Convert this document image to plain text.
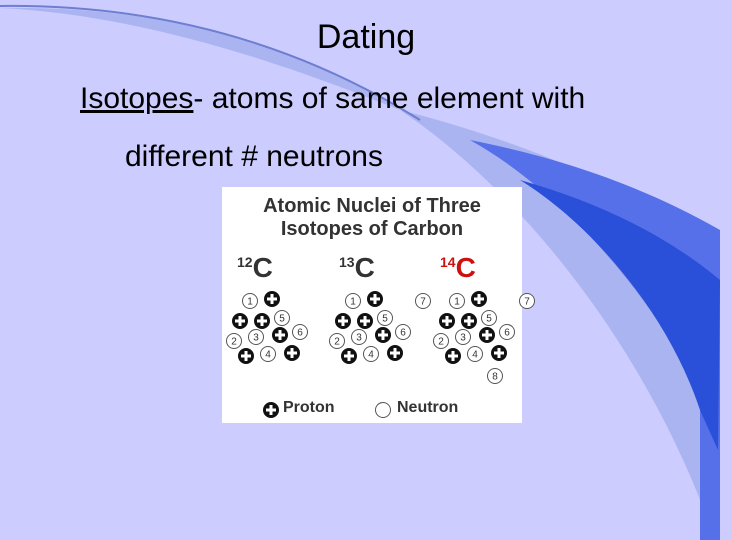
Dating
Isotopes- atoms of same element with
different # neutrons
Atomic Nuclei of Three
Isotopes of Carbon
12C	13C	14C
1
2 3
4
5
6
1
2 3
4
5
6
7	1
2 3
4
5
6
7
8
Proton	Neutron
